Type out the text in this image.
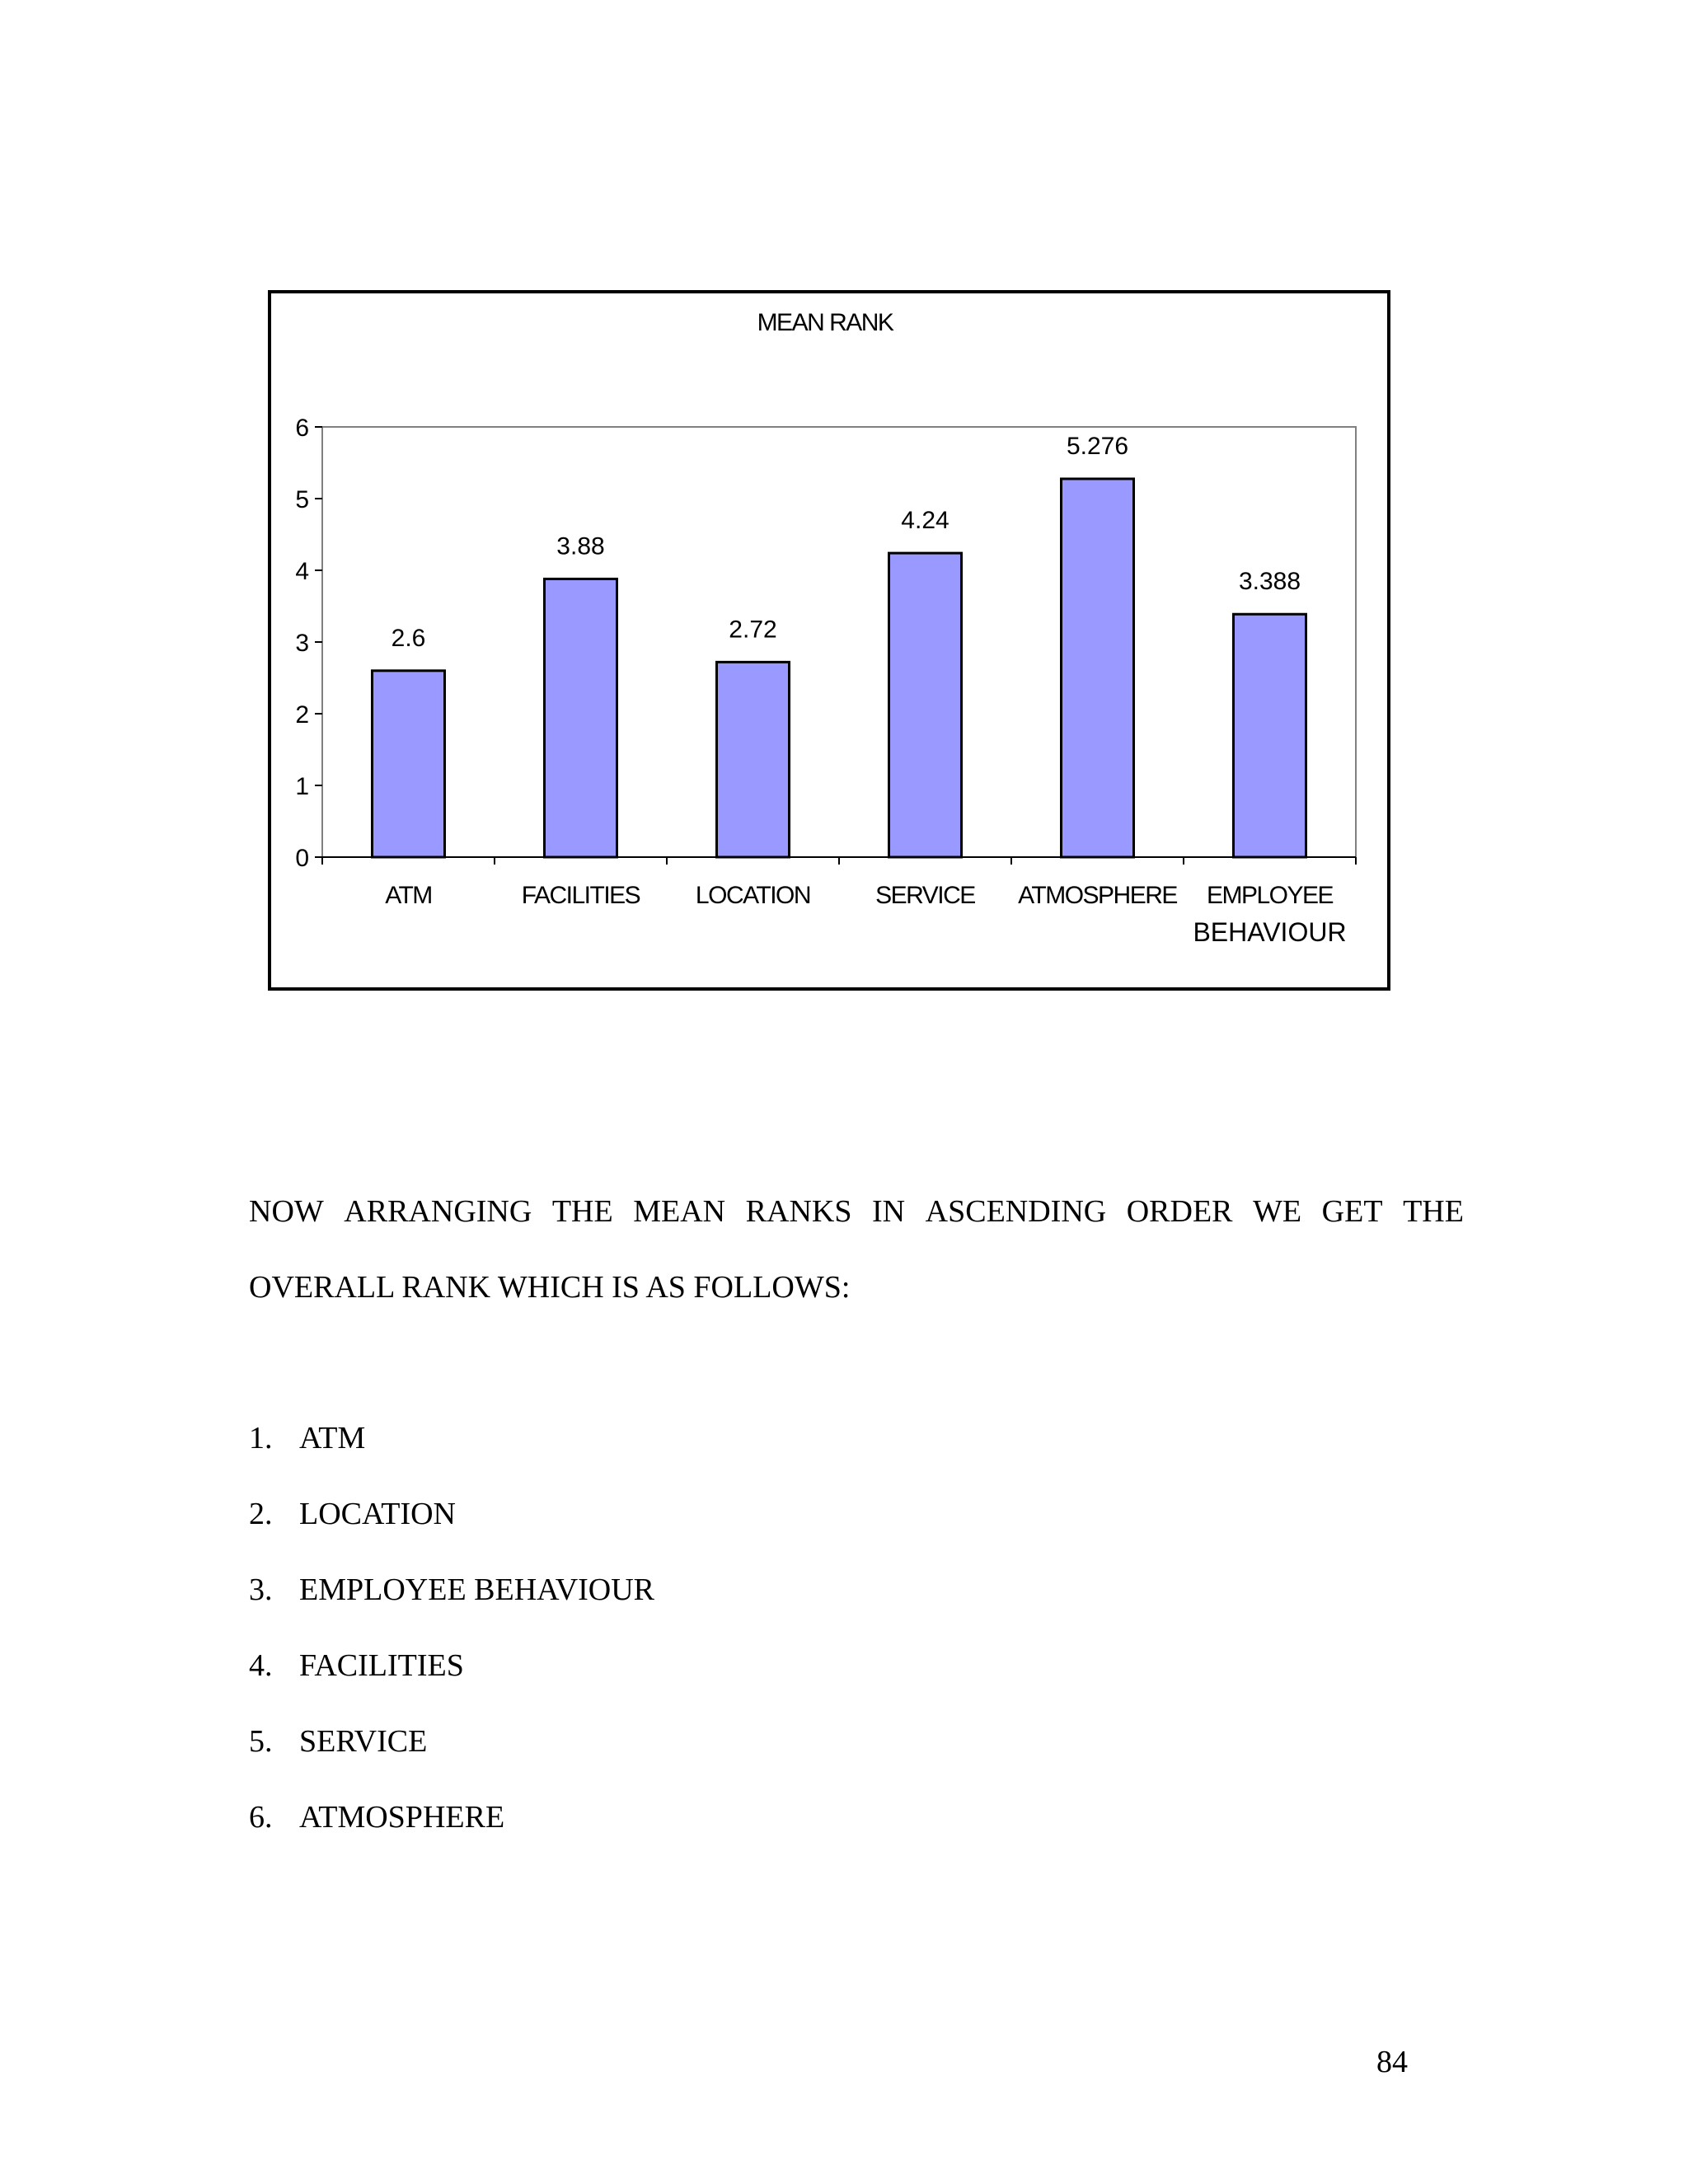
MEAN RANK
0
1
2
3
4
5
6
2.6
ATM
3.88
FACILITIES
2.72
LOCATION
4.24
SERVICE
5.276
ATMOSPHERE
3.388
EMPLOYEE
BEHAVIOUR
NOW ARRANGING THE MEAN RANKS IN ASCENDING ORDER WE GET THE
OVERALL RANK WHICH IS AS FOLLOWS:
1. ATM
2. LOCATION
3. EMPLOYEE BEHAVIOUR
4. FACILITIES
5. SERVICE
6. ATMOSPHERE
84
